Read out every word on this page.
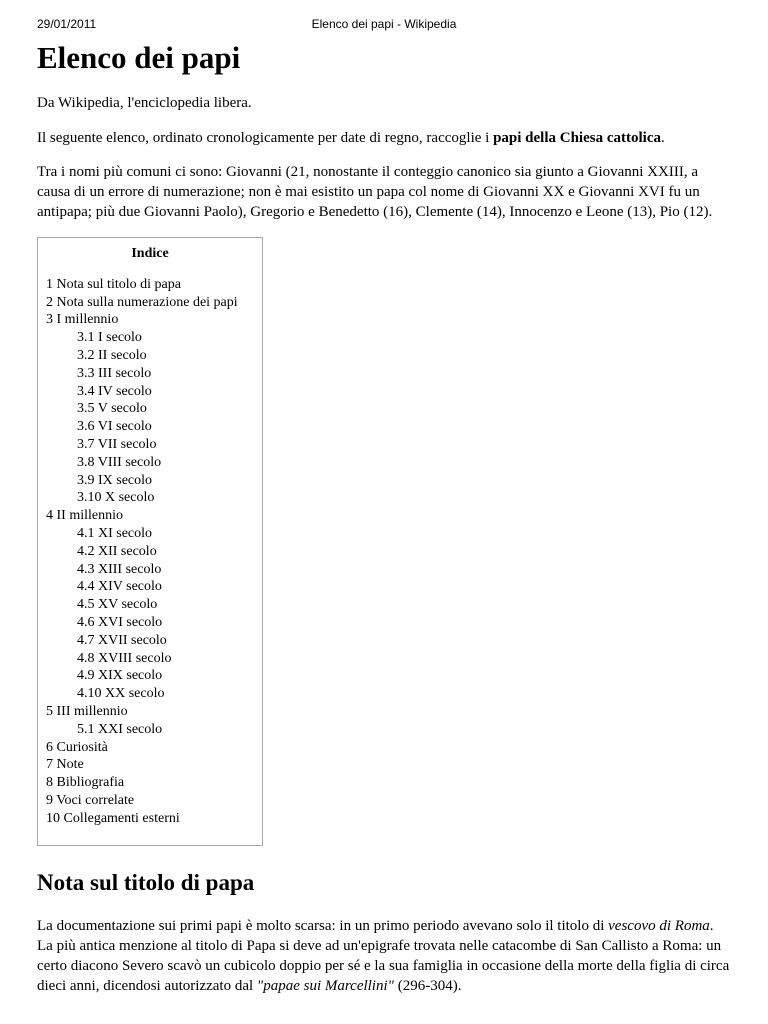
29/01/2011	Elenco dei papi - Wikipedia
Elenco dei papi

Da Wikipedia, l'enciclopedia libera.

Il seguente elenco, ordinato cronologicamente per date di regno, raccoglie i papi della Chiesa cattolica.

Tra i nomi più comuni ci sono: Giovanni (21, nonostante il conteggio canonico sia giunto a Giovanni XXIII, a causa di un errore di numerazione; non è mai esistito un papa col nome di Giovanni XX e Giovanni XVI fu un antipapa; più due Giovanni Paolo), Gregorio e Benedetto (16), Clemente (14), Innocenzo e Leone (13), Pio (12).

Indice
1 Nota sul titolo di papa
2 Nota sulla numerazione dei papi
3 I millennio
3.1 I secolo
3.2 II secolo
3.3 III secolo
3.4 IV secolo
3.5 V secolo
3.6 VI secolo
3.7 VII secolo
3.8 VIII secolo
3.9 IX secolo
3.10 X secolo
4 II millennio
4.1 XI secolo
4.2 XII secolo
4.3 XIII secolo
4.4 XIV secolo
4.5 XV secolo
4.6 XVI secolo
4.7 XVII secolo
4.8 XVIII secolo
4.9 XIX secolo
4.10 XX secolo
5 III millennio
5.1 XXI secolo
6 Curiosità
7 Note
8 Bibliografia
9 Voci correlate
10 Collegamenti esterni
Nota sul titolo di papa

La documentazione sui primi papi è molto scarsa: in un primo periodo avevano solo il titolo di vescovo di Roma. La più antica menzione al titolo di Papa si deve ad un'epigrafe trovata nelle catacombe di San Callisto a Roma: un certo diacono Severo scavò un cubicolo doppio per sé e la sua famiglia in occasione della morte della figlia di circa dieci anni, dicendosi autorizzato dal "papae sui Marcellini" (296-304).
